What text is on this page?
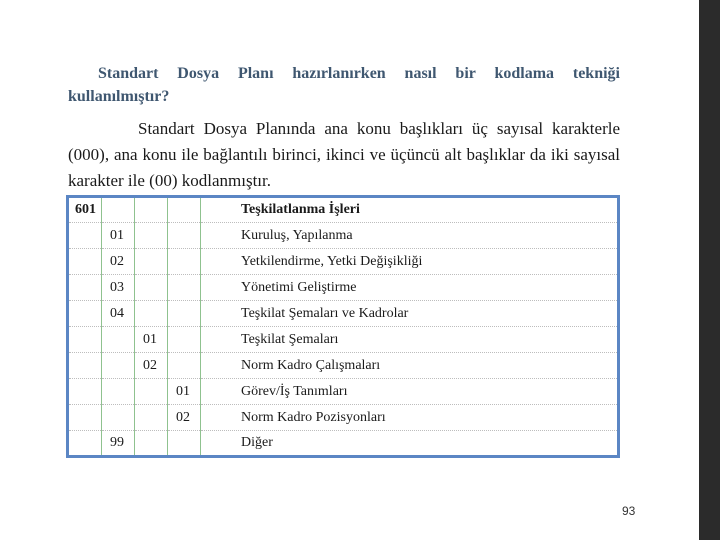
Standart Dosya Planı hazırlanırken nasıl bir kodlama tekniği kullanılmıştır?
Standart Dosya Planında ana konu başlıkları üç sayısal karakterle (000), ana konu ile bağlantılı birinci, ikinci ve üçüncü alt başlıklar da iki sayısal karakter ile (00) kodlanmıştır.
601				Teşkilatlanma İşleri
	01			Kuruluş, Yapılanma
	02			Yetkilendirme, Yetki Değişikliği
	03			Yönetimi Geliştirme
	04			Teşkilat Şemaları ve Kadrolar
		01		Teşkilat Şemaları
		02		Norm Kadro Çalışmaları
			01	Görev/İş Tanımları
			02	Norm Kadro Pozisyonları
	99			Diğer
93
